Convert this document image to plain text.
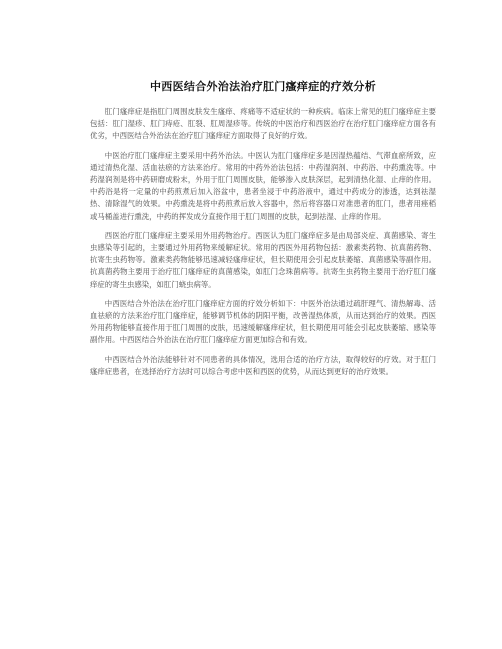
中西医结合外治法治疗肛门瘙痒症的疗效分析

肛门瘙痒症是指肛门周围皮肤发生瘙痒、疼痛等不适症状的一种疾病。临床上常见的肛门瘙痒症主要包括：肛门湿疹、肛门痔疮、肛裂、肛周湿疹等。传统的中医治疗和西医治疗在治疗肛门瘙痒症方面各有优劣，中西医结合外治法在治疗肛门瘙痒症方面取得了良好的疗效。

中医治疗肛门瘙痒症主要采用中药外治法。中医认为肛门瘙痒症多是因湿热蕴结、气滞血瘀所致，应通过清热化湿、活血祛瘀的方法来治疗。常用的中药外治法包括：中药湿润剂、中药浴、中药熏洗等。中药湿润剂是将中药研磨成粉末，外用于肛门周围皮肤，能够渗入皮肤深层，起到清热化湿、止痒的作用。中药浴是将一定量的中药煎煮后加入浴盆中，患者坐浸于中药浴液中，通过中药成分的渗透，达到祛湿热、清除湿气的效果。中药熏洗是将中药煎煮后放入容器中，然后将容器口对准患者的肛门，患者用痤稻或马桶盖进行熏洗，中药的挥发成分直接作用于肛门周围的皮肤，起到祛湿、止痒的作用。

西医治疗肛门瘙痒症主要采用外用药物治疗。西医认为肛门瘙痒症多是由局部炎症、真菌感染、寄生虫感染等引起的，主要通过外用药物来缓解症状。常用的西医外用药物包括：激素类药物、抗真菌药物、抗寄生虫药物等。激素类药物能够迅速减轻瘙痒症状，但长期使用会引起皮肤萎缩、真菌感染等副作用。抗真菌药物主要用于治疗肛门瘙痒症的真菌感染，如肛门念珠菌病等。抗寄生虫药物主要用于治疗肛门瘙痒症的寄生虫感染，如肛门蛲虫病等。

中西医结合外治法在治疗肛门瘙痒症方面的疗效分析如下：中医外治法通过疏肝理气、清热解毒、活血祛瘀的方法来治疗肛门瘙痒症，能够调节机体的阴阳平衡，改善湿热体质，从而达到治疗的效果。西医外用药物能够直接作用于肛门周围的皮肤，迅速缓解瘙痒症状，但长期使用可能会引起皮肤萎缩、感染等副作用。中西医结合外治法在治疗肛门瘙痒症方面更加综合和有效。

中西医结合外治法能够针对不同患者的具体情况，选用合适的治疗方法，取得较好的疗效。对于肛门瘙痒症患者，在选择治疗方法时可以综合考虑中医和西医的优势，从而达到更好的治疗效果。
